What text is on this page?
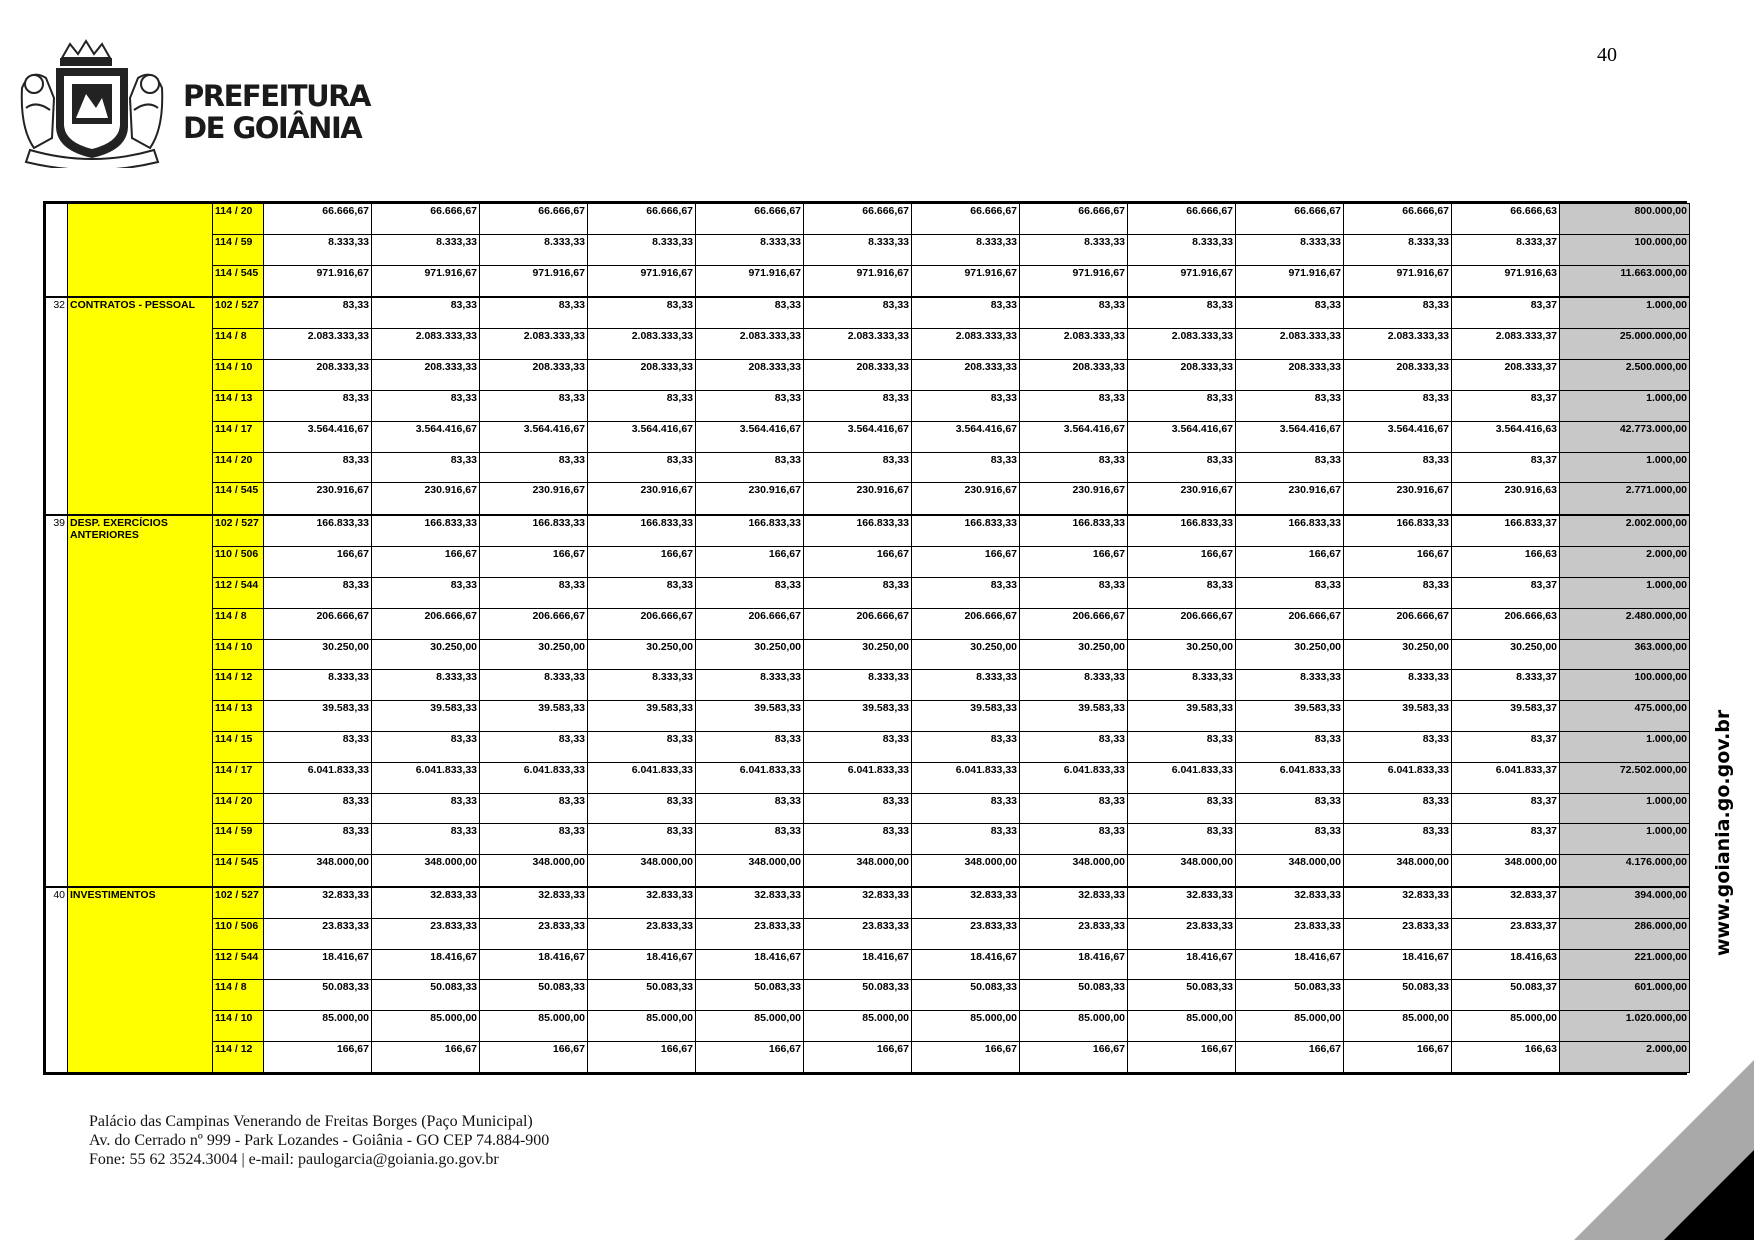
40
PREFEITURA
DE GOIÂNIA
		114 / 20	66.666,67	66.666,67	66.666,67	66.666,67	66.666,67	66.666,67	66.666,67	66.666,67	66.666,67	66.666,67	66.666,67	66.666,63	800.000,00
		114 / 59	8.333,33	8.333,33	8.333,33	8.333,33	8.333,33	8.333,33	8.333,33	8.333,33	8.333,33	8.333,33	8.333,33	8.333,37	100.000,00
		114 / 545	971.916,67	971.916,67	971.916,67	971.916,67	971.916,67	971.916,67	971.916,67	971.916,67	971.916,67	971.916,67	971.916,67	971.916,63	11.663.000,00
32	CONTRATOS - PESSOAL	102 / 527	83,33	83,33	83,33	83,33	83,33	83,33	83,33	83,33	83,33	83,33	83,33	83,37	1.000,00
		114 / 8	2.083.333,33	2.083.333,33	2.083.333,33	2.083.333,33	2.083.333,33	2.083.333,33	2.083.333,33	2.083.333,33	2.083.333,33	2.083.333,33	2.083.333,33	2.083.333,37	25.000.000,00
		114 / 10	208.333,33	208.333,33	208.333,33	208.333,33	208.333,33	208.333,33	208.333,33	208.333,33	208.333,33	208.333,33	208.333,33	208.333,37	2.500.000,00
		114 / 13	83,33	83,33	83,33	83,33	83,33	83,33	83,33	83,33	83,33	83,33	83,33	83,37	1.000,00
		114 / 17	3.564.416,67	3.564.416,67	3.564.416,67	3.564.416,67	3.564.416,67	3.564.416,67	3.564.416,67	3.564.416,67	3.564.416,67	3.564.416,67	3.564.416,67	3.564.416,63	42.773.000,00
		114 / 20	83,33	83,33	83,33	83,33	83,33	83,33	83,33	83,33	83,33	83,33	83,33	83,37	1.000,00
		114 / 545	230.916,67	230.916,67	230.916,67	230.916,67	230.916,67	230.916,67	230.916,67	230.916,67	230.916,67	230.916,67	230.916,67	230.916,63	2.771.000,00
39	DESP. EXERCÍCIOS ANTERIORES	102 / 527	166.833,33	166.833,33	166.833,33	166.833,33	166.833,33	166.833,33	166.833,33	166.833,33	166.833,33	166.833,33	166.833,33	166.833,37	2.002.000,00
		110 / 506	166,67	166,67	166,67	166,67	166,67	166,67	166,67	166,67	166,67	166,67	166,67	166,63	2.000,00
		112 / 544	83,33	83,33	83,33	83,33	83,33	83,33	83,33	83,33	83,33	83,33	83,33	83,37	1.000,00
		114 / 8	206.666,67	206.666,67	206.666,67	206.666,67	206.666,67	206.666,67	206.666,67	206.666,67	206.666,67	206.666,67	206.666,67	206.666,63	2.480.000,00
		114 / 10	30.250,00	30.250,00	30.250,00	30.250,00	30.250,00	30.250,00	30.250,00	30.250,00	30.250,00	30.250,00	30.250,00	30.250,00	363.000,00
		114 / 12	8.333,33	8.333,33	8.333,33	8.333,33	8.333,33	8.333,33	8.333,33	8.333,33	8.333,33	8.333,33	8.333,33	8.333,37	100.000,00
		114 / 13	39.583,33	39.583,33	39.583,33	39.583,33	39.583,33	39.583,33	39.583,33	39.583,33	39.583,33	39.583,33	39.583,33	39.583,37	475.000,00
		114 / 15	83,33	83,33	83,33	83,33	83,33	83,33	83,33	83,33	83,33	83,33	83,33	83,37	1.000,00
		114 / 17	6.041.833,33	6.041.833,33	6.041.833,33	6.041.833,33	6.041.833,33	6.041.833,33	6.041.833,33	6.041.833,33	6.041.833,33	6.041.833,33	6.041.833,33	6.041.833,37	72.502.000,00
		114 / 20	83,33	83,33	83,33	83,33	83,33	83,33	83,33	83,33	83,33	83,33	83,33	83,37	1.000,00
		114 / 59	83,33	83,33	83,33	83,33	83,33	83,33	83,33	83,33	83,33	83,33	83,33	83,37	1.000,00
		114 / 545	348.000,00	348.000,00	348.000,00	348.000,00	348.000,00	348.000,00	348.000,00	348.000,00	348.000,00	348.000,00	348.000,00	348.000,00	4.176.000,00
40	INVESTIMENTOS	102 / 527	32.833,33	32.833,33	32.833,33	32.833,33	32.833,33	32.833,33	32.833,33	32.833,33	32.833,33	32.833,33	32.833,33	32.833,37	394.000,00
		110 / 506	23.833,33	23.833,33	23.833,33	23.833,33	23.833,33	23.833,33	23.833,33	23.833,33	23.833,33	23.833,33	23.833,33	23.833,37	286.000,00
		112 / 544	18.416,67	18.416,67	18.416,67	18.416,67	18.416,67	18.416,67	18.416,67	18.416,67	18.416,67	18.416,67	18.416,67	18.416,63	221.000,00
		114 / 8	50.083,33	50.083,33	50.083,33	50.083,33	50.083,33	50.083,33	50.083,33	50.083,33	50.083,33	50.083,33	50.083,33	50.083,37	601.000,00
		114 / 10	85.000,00	85.000,00	85.000,00	85.000,00	85.000,00	85.000,00	85.000,00	85.000,00	85.000,00	85.000,00	85.000,00	85.000,00	1.020.000,00
		114 / 12	166,67	166,67	166,67	166,67	166,67	166,67	166,67	166,67	166,67	166,67	166,67	166,63	2.000,00
Palácio das Campinas Venerando de Freitas Borges (Paço Municipal)
Av. do Cerrado nº 999 - Park Lozandes - Goiânia - GO CEP 74.884-900
Fone: 55 62 3524.3004 | e-mail: paulogarcia@goiania.go.gov.br
www.goiania.go.gov.br
